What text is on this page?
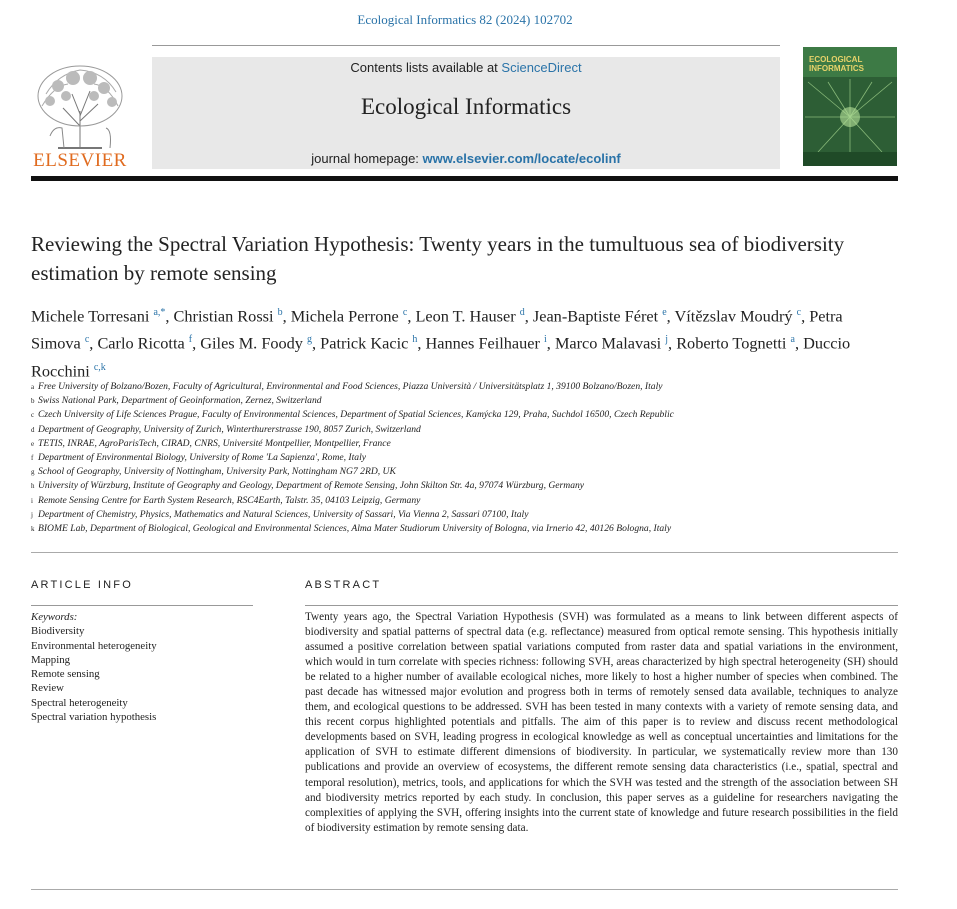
Ecological Informatics 82 (2024) 102702
ELSEVIER
Contents lists available at ScienceDirect
Ecological Informatics
journal homepage: www.elsevier.com/locate/ecolinf
ECOLOGICAL
INFORMATICS
Reviewing the Spectral Variation Hypothesis: Twenty years in the tumultuous sea of biodiversity estimation by remote sensing
Michele Torresani $^{a,*}$, Christian Rossi $^b$, Michela Perrone $^c$, Leon T. Hauser $^d$, Jean-Baptiste Féret $^e$, Vítězslav Moudrý $^c$, Petra Simova $^c$, Carlo Ricotta $^f$, Giles M. Foody $^g$, Patrick Kacic $^h$, Hannes Feilhauer $^i$, Marco Malavasi $^j$, Roberto Tognetti $^a$, Duccio Rocchini $^{c,k}$
a Free University of Bolzano/Bozen, Faculty of Agricultural, Environmental and Food Sciences, Piazza Università / Universitätsplatz 1, 39100 Bolzano/Bozen, Italy
b Swiss National Park, Department of Geoinformation, Zernez, Switzerland
c Czech University of Life Sciences Prague, Faculty of Environmental Sciences, Department of Spatial Sciences, Kamýcka 129, Praha, Suchdol 16500, Czech Republic
d Department of Geography, University of Zurich, Winterthurerstrasse 190, 8057 Zurich, Switzerland
e TETIS, INRAE, AgroParisTech, CIRAD, CNRS, Université Montpellier, Montpellier, France
f Department of Environmental Biology, University of Rome 'La Sapienza', Rome, Italy
g School of Geography, University of Nottingham, University Park, Nottingham NG7 2RD, UK
h University of Würzburg, Institute of Geography and Geology, Department of Remote Sensing, John Skilton Str. 4a, 97074 Würzburg, Germany
i Remote Sensing Centre for Earth System Research, RSC4Earth, Talstr. 35, 04103 Leipzig, Germany
j Department of Chemistry, Physics, Mathematics and Natural Sciences, University of Sassari, Via Vienna 2, Sassari 07100, Italy
k BIOME Lab, Department of Biological, Geological and Environmental Sciences, Alma Mater Studiorum University of Bologna, via Irnerio 42, 40126 Bologna, Italy
ARTICLE INFO
Keywords:
Biodiversity
Environmental heterogeneity
Mapping
Remote sensing
Review
Spectral heterogeneity
Spectral variation hypothesis
ABSTRACT
Twenty years ago, the Spectral Variation Hypothesis (SVH) was formulated as a means to link between different aspects of biodiversity and spatial patterns of spectral data (e.g. reflectance) measured from optical remote sensing. This hypothesis initially assumed a positive correlation between spatial variations computed from raster data and spatial variations in the environment, which would in turn correlate with species richness: following SVH, areas characterized by high spectral heterogeneity (SH) should be related to a higher number of available ecological niches, more likely to host a higher number of species when combined. The past decade has witnessed major evolution and progress both in terms of remotely sensed data available, techniques to analyze them, and ecological questions to be addressed. SVH has been tested in many contexts with a variety of remote sensing data, and this recent corpus highlighted potentials and pitfalls. The aim of this paper is to review and discuss recent methodological developments based on SVH, leading progress in ecological knowledge as well as conceptual uncertainties and limitations for the application of SVH to estimate different dimensions of biodiversity. In particular, we systematically review more than 130 publications and provide an overview of ecosystems, the different remote sensing data characteristics (i.e., spatial, spectral and temporal resolution), metrics, tools, and applications for which the SVH was tested and the strength of the association between SH and biodiversity metrics reported by each study. In conclusion, this paper serves as a guideline for researchers navigating the complexities of applying the SVH, offering insights into the current state of knowledge and future research possibilities in the field of biodiversity estimation by remote sensing data.
